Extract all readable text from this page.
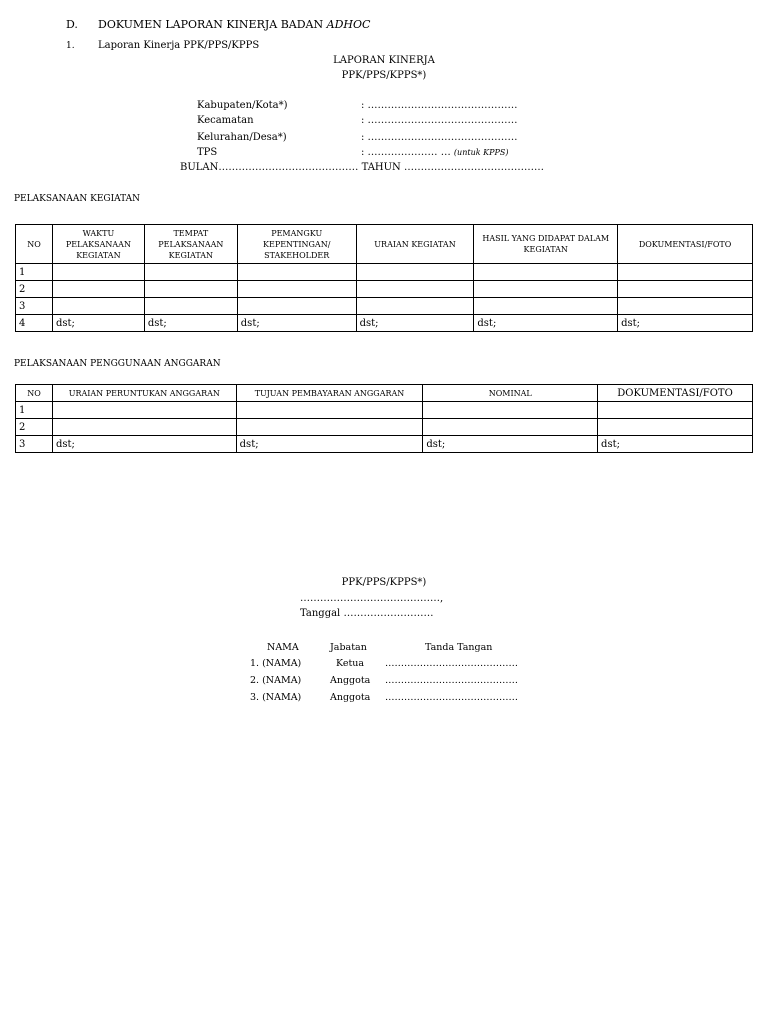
D. DOKUMEN LAPORAN KINERJA BADAN ADHOC
1. Laporan Kinerja PPK/PPS/KPPS
LAPORAN KINERJA
PPK/PPS/KPPS*)
Kabupaten/Kota*)	: ………………………………………
Kecamatan	: ………………………………………
Kelurahan/Desa*)	: ………………………………………
TPS	: ………………… … (untuk KPPS)
BULAN…………………………………… TAHUN ……………………………………
PELAKSANAAN KEGIATAN
NO	WAKTU PELAKSANAAN KEGIATAN	TEMPAT PELAKSANAAN KEGIATAN	PEMANGKU KEPENTINGAN/ STAKEHOLDER	URAIAN KEGIATAN	HASIL YANG DIDAPAT DALAM KEGIATAN	DOKUMENTASI/FOTO
1						
2						
3						
4	dst;	dst;	dst;	dst;	dst;	dst;
PELAKSANAAN PENGGUNAAN ANGGARAN
NO	URAIAN PERUNTUKAN ANGGARAN	TUJUAN PEMBAYARAN ANGGARAN	NOMINAL	DOKUMENTASI/FOTO
1				
2				
3	dst;	dst;	dst;	dst;
PPK/PPS/KPPS*)
……………………………………,
Tanggal ………………………
NAMA	Jabatan	Tanda Tangan
1. (NAMA)	Ketua ……………………………………
2. (NAMA)	Anggota ……………………………………
3. (NAMA)	Anggota ……………………………………
